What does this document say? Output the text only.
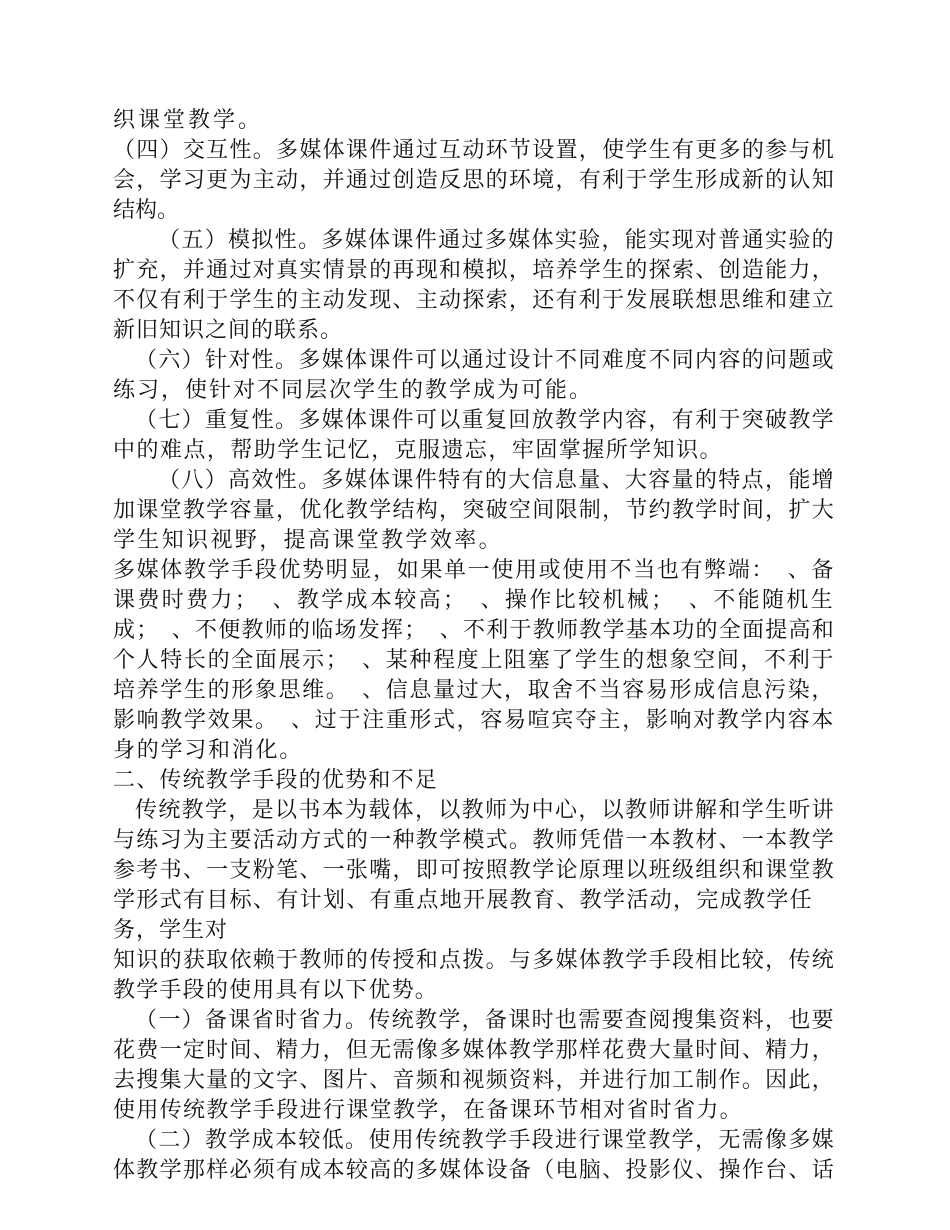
织课堂教学。
（四）交互性。多媒体课件通过互动环节设置，使学生有更多的参与机
会，学习更为主动，并通过创造反思的环境，有利于学生形成新的认知
结构。
（五）模拟性。多媒体课件通过多媒体实验，能实现对普通实验的
扩充，并通过对真实情景的再现和模拟，培养学生的探索、创造能力，
不仅有利于学生的主动发现、主动探索，还有利于发展联想思维和建立
新旧知识之间的联系。
（六）针对性。多媒体课件可以通过设计不同难度不同内容的问题或
练习，使针对不同层次学生的教学成为可能。
（七）重复性。多媒体课件可以重复回放教学内容，有利于突破教学
中的难点，帮助学生记忆，克服遗忘，牢固掌握所学知识。
（八）高效性。多媒体课件特有的大信息量、大容量的特点，能增
加课堂教学容量，优化教学结构，突破空间限制，节约教学时间，扩大
学生知识视野，提高课堂教学效率。
多媒体教学手段优势明显，如果单一使用或使用不当也有弊端：　、备
课费时费力；　、教学成本较高；　、操作比较机械；　、不能随机生
成；　、不便教师的临场发挥；　、不利于教师教学基本功的全面提高和
个人特长的全面展示；　、某种程度上阻塞了学生的想象空间，不利于
培养学生的形象思维。　、信息量过大，取舍不当容易形成信息污染，
影响教学效果。　、过于注重形式，容易喧宾夺主，影响对教学内容本
身的学习和消化。
二、传统教学手段的优势和不足
传统教学，是以书本为载体，以教师为中心，以教师讲解和学生听讲
与练习为主要活动方式的一种教学模式。教师凭借一本教材、一本教学
参考书、一支粉笔、一张嘴，即可按照教学论原理以班级组织和课堂教
学形式有目标、有计划、有重点地开展教育、教学活动，完成教学任
务，学生对
知识的获取依赖于教师的传授和点拨。与多媒体教学手段相比较，传统
教学手段的使用具有以下优势。
（一）备课省时省力。传统教学，备课时也需要查阅搜集资料，也要
花费一定时间、精力，但无需像多媒体教学那样花费大量时间、精力，
去搜集大量的文字、图片、音频和视频资料，并进行加工制作。因此，
使用传统教学手段进行课堂教学，在备课环节相对省时省力。
（二）教学成本较低。使用传统教学手段进行课堂教学，无需像多媒
体教学那样必须有成本较高的多媒体设备（电脑、投影仪、操作台、话
